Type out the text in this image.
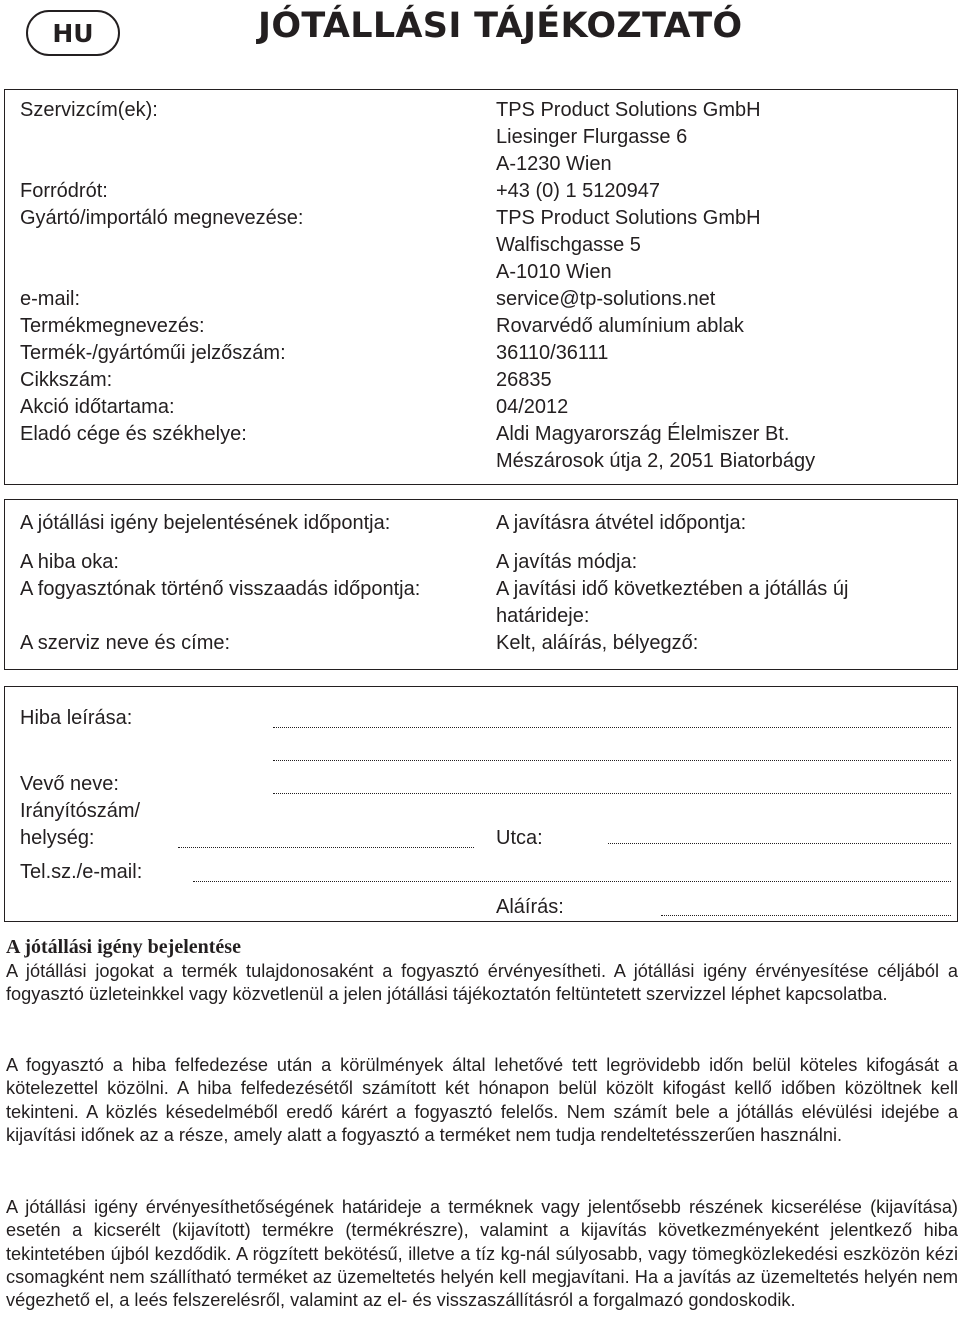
HU	JÓTÁLLÁSI TÁJÉKOZTATÓ
Szervizcím(ek):	TPS Product Solutions GmbH
Liesinger Flurgasse 6
A-1230 Wien
Forródrót:	+43 (0) 1 5120947
Gyártó/importáló megnevezése:	TPS Product Solutions GmbH
Walfischgasse 5
A-1010 Wien
e-mail:	service@tp-solutions.net
Termékmegnevezés:	Rovarvédő alumínium ablak
Termék-/gyártóműi jelzőszám:	36110/36111
Cikkszám:	26835
Akció időtartama:	04/2012
Eladó cége és székhelye:	Aldi Magyarország Élelmiszer Bt.
Mészárosok útja 2, 2051 Biatorbágy
A jótállási igény bejelentésének időpontja:	A javításra átvétel időpontja:
A hiba oka:	A javítás módja:
A fogyasztónak történő visszaadás időpontja:	A javítási idő következtében a jótállás új
határideje:
A szerviz neve és címe:	Kelt, aláírás, bélyegző:
Hiba leírása:
Vevő neve:
Irányítószám/
helység:	Utca:
Tel.sz./e-mail:
Aláírás:
A jótállási igény bejelentése
A jótállási jogokat a termék tulajdonosaként a fogyasztó érvényesítheti. A jótállási igény érvényesítése céljából a fogyasztó üzleteinkkel vagy közvetlenül a jelen jótállási tájékoztatón feltüntetett szervizzel léphet kapcsolatba.
A fogyasztó a hiba felfedezése után a körülmények által lehetővé tett legrövidebb időn belül köteles kifogását a kötelezettel közölni. A hiba felfedezésétől számított két hónapon belül közölt kifogást kellő időben közöltnek kell tekinteni. A közlés késedelméből eredő kárért a fogyasztó felelős. Nem számít bele a jótállás elévülési idejébe a kijavítási időnek az a része, amely alatt a fogyasztó a terméket nem tudja rendeltetésszerűen használni.
A jótállási igény érvényesíthetőségének határideje a terméknek vagy jelentősebb részének kicserélése (kijavítása) esetén a kicserélt (kijavított) termékre (termékrészre), valamint a kijavítás következményeként jelentkező hiba tekintetében újból kezdődik. A rögzített bekötésű, illetve a tíz kg-nál súlyosabb, vagy tömegközlekedési eszközön kézi csomagként nem szállítható terméket az üzemeltetés helyén kell megjavítani. Ha a javítás az üzemeltetés helyén nem végezhető el, a leés felszerelésről, valamint az el- és visszaszállításról a forgalmazó gondoskodik.
